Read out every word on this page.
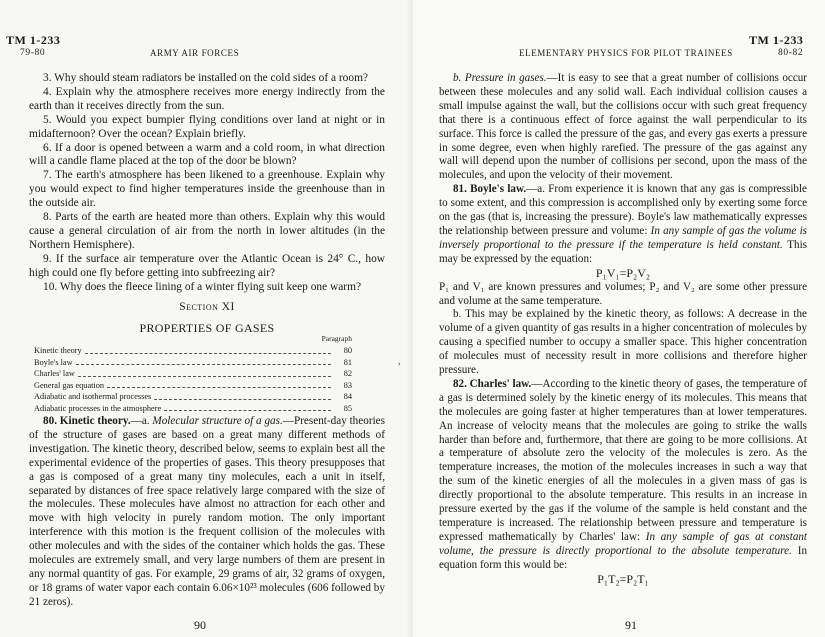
TM 1-233
79-80	ARMY AIR FORCES

3. Why should steam radiators be installed on the cold sides of a room?

4. Explain why the atmosphere receives more energy indirectly from the earth than it receives directly from the sun.

5. Would you expect bumpier flying conditions over land at night or in midafternoon? Over the ocean? Explain briefly.

6. If a door is opened between a warm and a cold room, in what direction will a candle flame placed at the top of the door be blown?

7. The earth's atmosphere has been likened to a greenhouse. Explain why you would expect to find higher temperatures inside the greenhouse than in the outside air.

8. Parts of the earth are heated more than others. Explain why this would cause a general circulation of air from the north in lower altitudes (in the Northern Hemisphere).

9. If the surface air temperature over the Atlantic Ocean is 24° C., how high could one fly before getting into subfreezing air?

10. Why does the fleece lining of a winter flying suit keep one warm?

Section XI
PROPERTIES OF GASES
Paragraph
Kinetic theory	80
Boyle's law	81
Charles' law	82
General gas equation	83
Adiabatic and isothermal processes	84
Adiabatic processes in the atmosphere	85

80. Kinetic theory.—a. Molecular structure of a gas.—Present-day theories of the structure of gases are based on a great many different methods of investigation. The kinetic theory, described below, seems to explain best all the experimental evidence of the properties of gases. This theory presupposes that a gas is composed of a great many tiny molecules, each a unit in itself, separated by distances of free space relatively large compared with the size of the molecules. These molecules have almost no attraction for each other and move with high velocity in purely random motion. The only important interference with this motion is the frequent collision of the molecules with other molecules and with the sides of the container which holds the gas. These molecules are extremely small, and very large numbers of them are present in any normal quantity of gas. For example, 29 grams of air, 32 grams of oxygen, or 18 grams of water vapor each contain 6.06×10²³ molecules (606 followed by 21 zeros).

90
,
TM 1-233
ELEMENTARY PHYSICS FOR PILOT TRAINEES	80-82

b. Pressure in gases.—It is easy to see that a great number of collisions occur between these molecules and any solid wall. Each individual collision causes a small impulse against the wall, but the collisions occur with such great frequency that there is a continuous effect of force against the wall perpendicular to its surface. This force is called the pressure of the gas, and every gas exerts a pressure in some degree, even when highly rarefied. The pressure of the gas against any wall will depend upon the number of collisions per second, upon the mass of the molecules, and upon the velocity of their movement.

81. Boyle's law.—a. From experience it is known that any gas is compressible to some extent, and this compression is accomplished only by exerting some force on the gas (that is, increasing the pressure). Boyle's law mathematically expresses the relationship between pressure and volume: In any sample of gas the volume is inversely proportional to the pressure if the temperature is held constant. This may be expressed by the equation:

P₁V₁=P₂V₂

P₁ and V₁ are known pressures and volumes; P₂ and V₂ are some other pressure and volume at the same temperature.

b. This may be explained by the kinetic theory, as follows: A decrease in the volume of a given quantity of gas results in a higher concentration of molecules by causing a specified number to occupy a smaller space. This higher concentration of molecules must of necessity result in more collisions and therefore higher pressure.

82. Charles' law.—According to the kinetic theory of gases, the temperature of a gas is determined solely by the kinetic energy of its molecules. This means that the molecules are going faster at higher temperatures than at lower temperatures. An increase of velocity means that the molecules are going to strike the walls harder than before and, furthermore, that there are going to be more collisions. At a temperature of absolute zero the velocity of the molecules is zero. As the temperature increases, the motion of the molecules increases in such a way that the sum of the kinetic energies of all the molecules in a given mass of gas is directly proportional to the absolute temperature. This results in an increase in pressure exerted by the gas if the volume of the sample is held constant and the temperature is increased. The relationship between pressure and temperature is expressed mathematically by Charles' law: In any sample of gas at constant volume, the pressure is directly proportional to the absolute temperature. In equation form this would be:

P₁T₂=P₂T₁

91
